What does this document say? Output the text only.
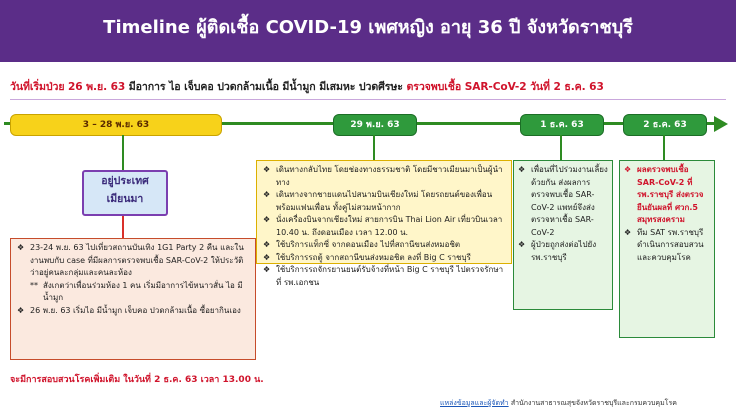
Timeline ผู้ติดเชื้อ COVID-19 เพศหญิง อายุ 36 ปี จังหวัดราชบุรี
วันที่เริ่มป่วย 26 พ.ย. 63 มีอาการ ไอ เจ็บคอ ปวดกล้ามเนื้อ มีน้ำมูก มีเสมหะ ปวดศีรษะ ตรวจพบเชื้อ SAR-CoV-2 วันที่ 2 ธ.ค. 63
3 – 28 พ.ย. 63	29 พ.ย. 63	1 ธ.ค. 63	2 ธ.ค. 63
อยู่ประเทศ
เมียนมา
❖ 23-24 พ.ย. 63 ไปเที่ยวสถานบันเทิง 1G1 Party 2 คืน และในงานพบกับ case ที่มีผลการตรวจพบเชื้อ SAR-CoV-2 ให้ประวัติว่าอยู่คนละกลุ่มและคนละห้อง
** สังเกตว่าเพื่อนร่วมห้อง 1 คน เริ่มมีอาการไข้หนาวสั่น ไอ มีน้ำมูก
❖ 26 พ.ย. 63 เริ่มไอ มีน้ำมูก เจ็บคอ ปวดกล้ามเนื้อ ซื้อยากินเอง
❖ เดินทางกลับไทย โดยช่องทางธรรมชาติ โดยมีชาวเมียนมาเป็นผู้นำทาง
❖ เดินทางจากชายแดนไปสนามบินเชียงใหม่ โดยรถยนต์ของเพื่อน พร้อมแฟนเพื่อน ทั้งคู่ไม่สวมหน้ากาก
❖ นั่งเครื่องบินจากเชียงใหม่ สายการบิน Thai Lion Air เที่ยวบินเวลา 10.40 น. ถึงดอนเมือง เวลา 12.00 น.
❖ ใช้บริการแท็กซี่ จากดอนเมือง ไปที่สถานีขนส่งหมอชิต
❖ ใช้บริการรถตู้ จากสถานีขนส่งหมอชิต ลงที่ Big C ราชบุรี
❖ ใช้บริการรถจักรยานยนต์รับจ้างที่หน้า Big C ราชบุรี ไปตรวจรักษาที่ รพ.เอกชน
❖ เพื่อนที่ไปร่วมงานเลี้ยงด้วยกัน ส่งผลการตรวจพบเชื้อ SAR-CoV-2 แพทย์จึงส่งตรวจหาเชื้อ SAR-CoV-2
❖ ผู้ป่วยถูกส่งต่อไปยัง รพ.ราชบุรี
❖ ผลตรวจพบเชื้อ SAR-CoV-2 ที่ รพ.ราชบุรี ส่งตรวจยืนยันผลที่ ศวก.5 สมุทรสงคราม
❖ ทีม SAT รพ.ราชบุรี ดำเนินการสอบสวนและควบคุมโรค
จะมีการสอบสวนโรคเพิ่มเติม ในวันที่ 2 ธ.ค. 63 เวลา 13.00 น.
แหล่งข้อมูลและผู้จัดทำ สำนักงานสาธารณสุขจังหวัดราชบุรีและกรมควบคุมโรค
